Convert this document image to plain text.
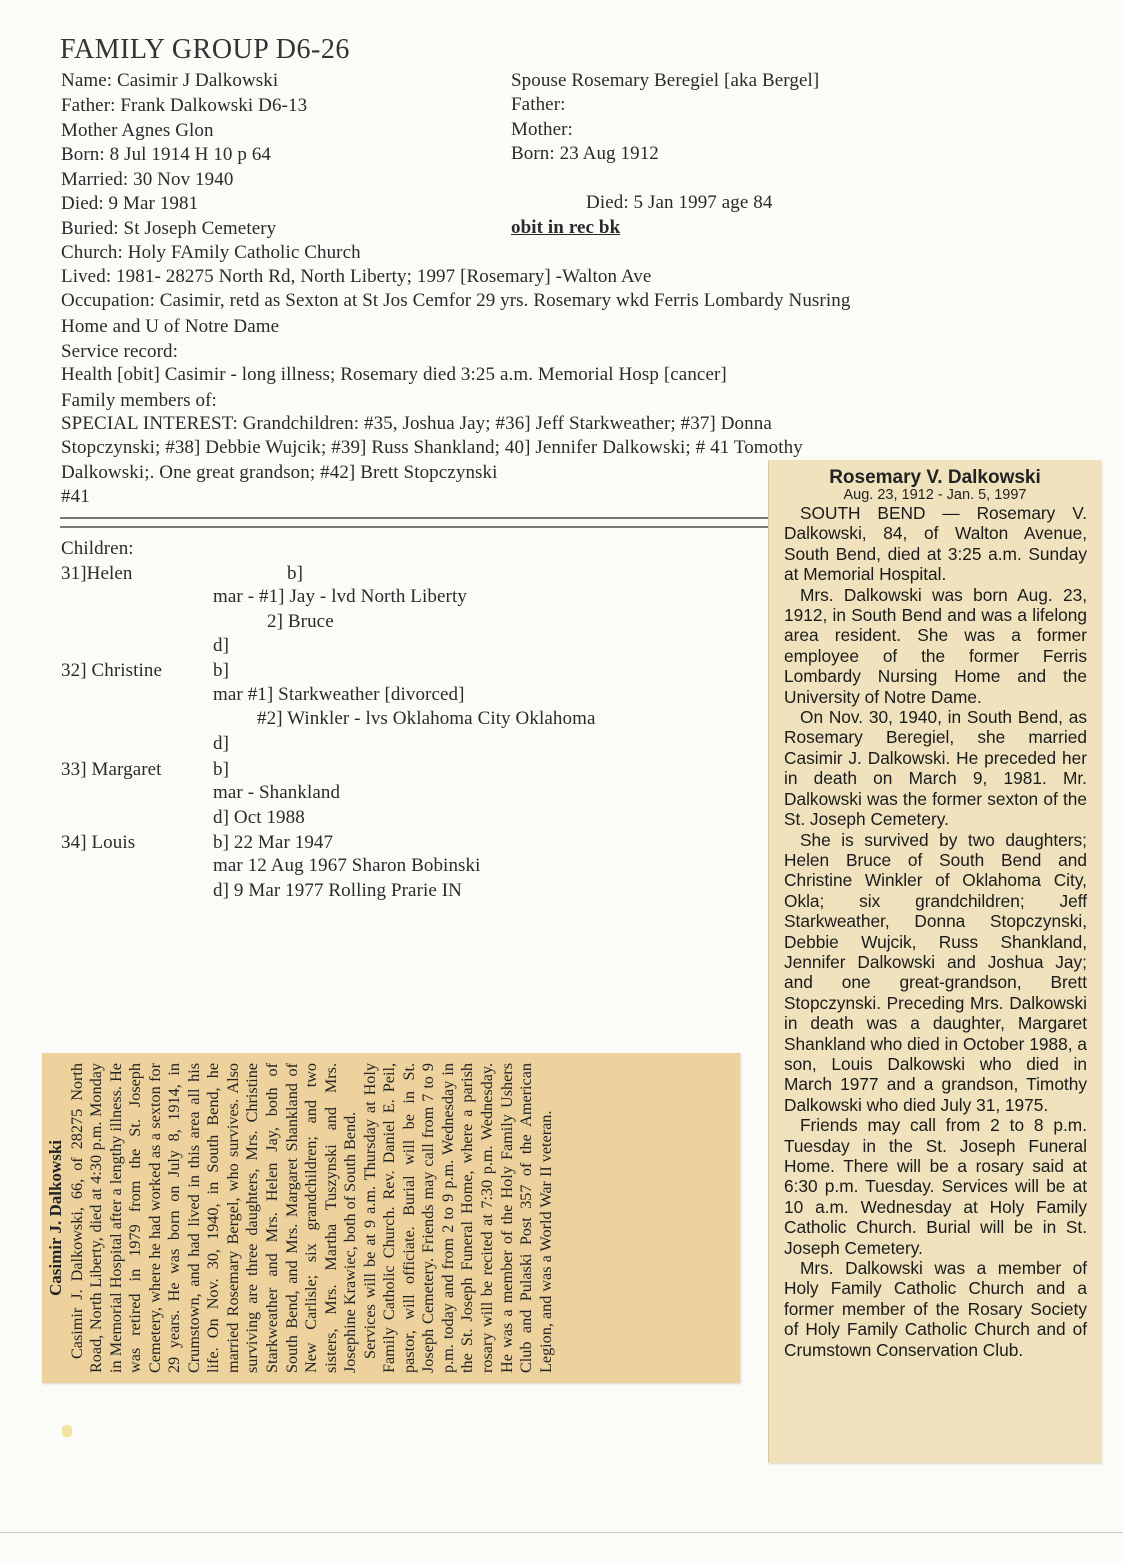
FAMILY GROUP D6-26
Name: Casimir J Dalkowski
Father: Frank Dalkowski D6-13
Mother Agnes Glon
Born: 8 Jul 1914 H 10 p 64
Married: 30 Nov 1940
Died: 9 Mar 1981
Buried: St Joseph Cemetery
Church: Holy FAmily Catholic Church
Lived: 1981- 28275 North Rd, North Liberty; 1997 [Rosemary] -Walton Ave
Occupation: Casimir, retd as Sexton at St Jos Cemfor 29 yrs. Rosemary wkd Ferris Lombardy Nusring
Home and U of Notre Dame
Service record:
Health [obit] Casimir - long illness; Rosemary died 3:25 a.m. Memorial Hosp [cancer]
Family members of:
SPECIAL INTEREST: Grandchildren: #35, Joshua Jay; #36] Jeff Starkweather; #37] Donna
Stopczynski; #38] Debbie Wujcik; #39] Russ Shankland; 40] Jennifer Dalkowski; # 41 Tomothy
Dalkowski;. One great grandson; #42] Brett Stopczynski
#41
Spouse Rosemary Beregiel [aka Bergel]
Father:
Mother:
Born: 23 Aug 1912
Died: 5 Jan 1997 age 84
obit in rec bk
Children:
31]Helen	b]
mar - #1] Jay - lvd North Liberty
2] Bruce
d]
32] Christine	b]
mar #1] Starkweather [divorced]
#2] Winkler - lvs Oklahoma City Oklahoma
d]
33] Margaret	b]
mar - Shankland
d] Oct 1988
34] Louis	b] 22 Mar 1947
mar 12 Aug 1967 Sharon Bobinski
d] 9 Mar 1977 Rolling Prarie IN
Rosemary V. Dalkowski
Aug. 23, 1912 - Jan. 5, 1997

SOUTH BEND — Rosemary V. Dalkowski, 84, of Walton Avenue, South Bend, died at 3:25 a.m. Sunday at Memorial Hospital.

Mrs. Dalkowski was born Aug. 23, 1912, in South Bend and was a lifelong area resident. She was a former employee of the former Ferris Lombardy Nursing Home and the University of Notre Dame.

On Nov. 30, 1940, in South Bend, as Rosemary Beregiel, she married Casimir J. Dalkowski. He preceded her in death on March 9, 1981. Mr. Dalkowski was the former sexton of the St. Joseph Cemetery.

She is survived by two daughters; Helen Bruce of South Bend and Christine Winkler of Oklahoma City, Okla; six grandchildren; Jeff Starkweather, Donna Stopczynski, Debbie Wujcik, Russ Shankland, Jennifer Dalkowski and Joshua Jay; and one great-grandson, Brett Stopczynski. Preceding Mrs. Dalkowski in death was a daughter, Margaret Shankland who died in October 1988, a son, Louis Dalkowski who died in March 1977 and a grandson, Timothy Dalkowski who died July 31, 1975.

Friends may call from 2 to 8 p.m. Tuesday in the St. Joseph Funeral Home. There will be a rosary said at 6:30 p.m. Tuesday. Services will be at 10 a.m. Wednesday at Holy Family Catholic Church. Burial will be in St. Joseph Cemetery.

Mrs. Dalkowski was a member of Holy Family Catholic Church and a former member of the Rosary Society of Holy Family Catholic Church and of Crumstown Conservation Club.

Casimir J. Dalkowski Casimir J. Dalkowski, 66, of 28275 North Road, North Liberty, died at 4:30 p.m. Monday in Memorial Hospital after a lengthy illness. He was retired in 1979 from the St. Joseph Cemetery, where he had worked as a sexton for 29 years. He was born on July 8, 1914, in Crumstown, and had lived in this area all his life. On Nov. 30, 1940, in South Bend, he married Rosemary Bergel, who survives. Also surviving are three daughters, Mrs. Christine Starkweather and Mrs. Helen Jay, both of South Bend, and Mrs. Margaret Shankland of New Carlisle; six grandchildren; and two sisters, Mrs. Martha Tuszynski and Mrs. Josephine Krawiec, both of South Bend. Services will be at 9 a.m. Thursday at Holy Family Catholic Church. Rev. Daniel E. Peil, pastor, will officiate. Burial will be in St. Joseph Cemetery. Friends may call from 7 to 9 p.m. today and from 2 to 9 p.m. Wednesday in the St. Joseph Funeral Home, where a parish rosary will be recited at 7:30 p.m. Wednesday. He was a member of the Holy Family Ushers Club and Pulaski Post 357 of the American Legion, and was a World War II veteran.
